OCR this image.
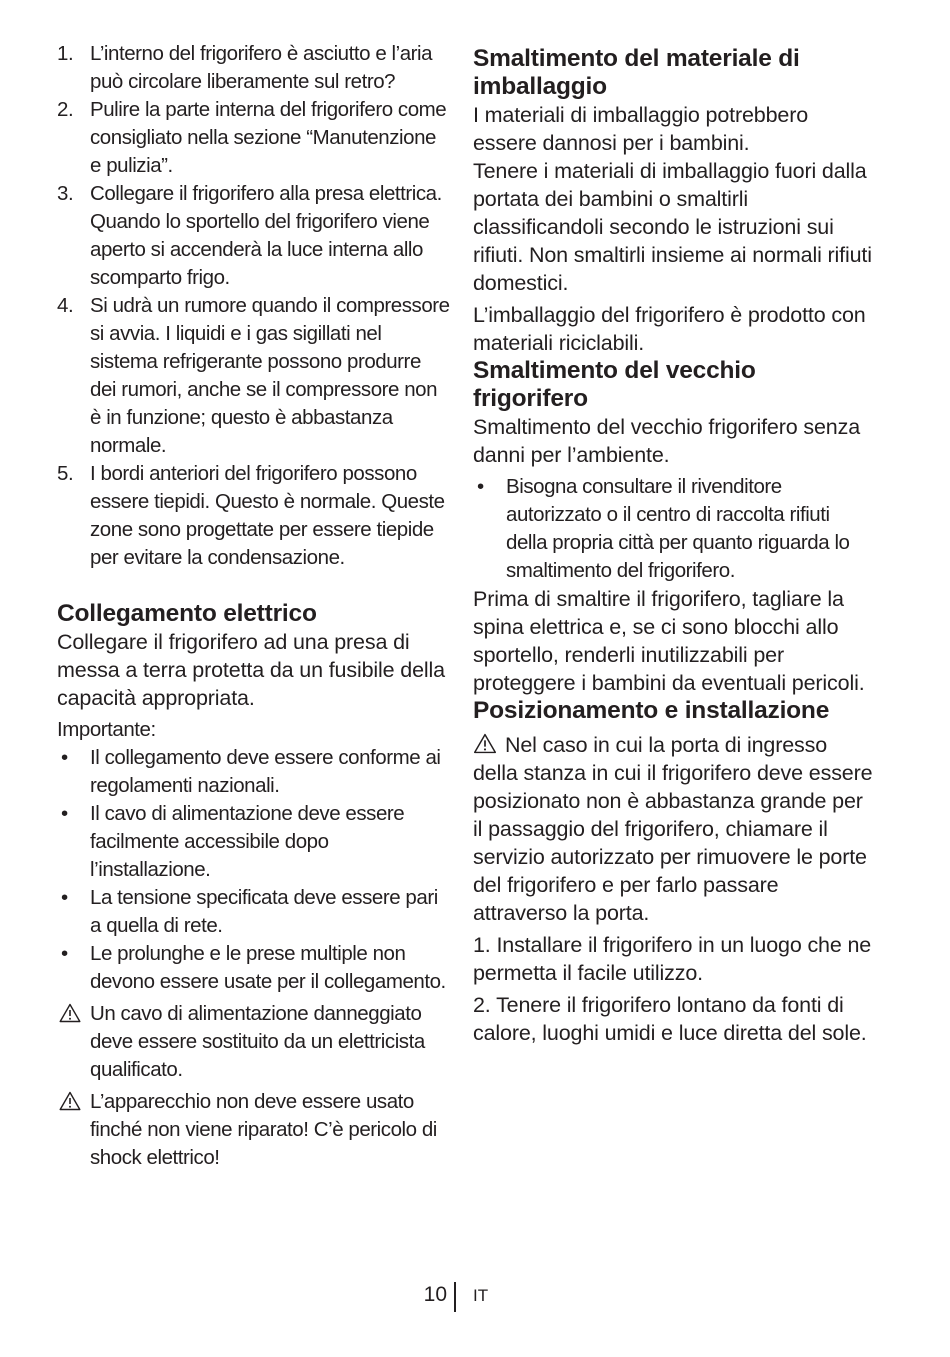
1. L’interno del frigorifero è asciutto e l’aria può circolare liberamente sul retro?
2. Pulire la parte interna del frigorifero come consigliato nella sezione “Manutenzione e pulizia”.
3. Collegare il frigorifero alla presa elettrica. Quando lo sportello del frigorifero viene aperto si accenderà la luce interna allo scomparto frigo.
4. Si udrà un rumore quando il compressore si avvia. I liquidi e i gas sigillati nel sistema refrigerante possono produrre dei rumori, anche se il compressore non è in funzione; questo è abbastanza normale.
5. I bordi anteriori del frigorifero possono essere tiepidi. Questo è normale. Queste zone sono progettate per essere tiepide per evitare la condensazione.
Collegamento elettrico

Collegare il frigorifero ad una presa di messa a terra protetta da un fusibile della capacità appropriata.

Importante:

• Il collegamento deve essere conforme ai regolamenti nazionali.
• Il cavo di alimentazione deve essere facilmente accessibile dopo l’installazione.
• La tensione specificata deve essere pari a quella di rete.
• Le prolunghe e le prese multiple non devono essere usate per il collegamento.
Un cavo di alimentazione danneggiato deve essere sostituito da un elettricista qualificato.
L’apparecchio non deve essere usato finché non viene riparato! C’è pericolo di shock elettrico!
Smaltimento del materiale di imballaggio

I materiali di imballaggio potrebbero essere dannosi per i bambini.

Tenere i materiali di imballaggio fuori dalla portata dei bambini o smaltirli classificandoli secondo le istruzioni sui rifiuti. Non smaltirli insieme ai normali rifiuti domestici.

L’imballaggio del frigorifero è prodotto con materiali riciclabili.

Smaltimento del vecchio frigorifero

Smaltimento del vecchio frigorifero senza danni per l’ambiente.

• Bisogna consultare il rivenditore autorizzato o il centro di raccolta rifiuti della propria città per quanto riguarda lo smaltimento del frigorifero.

Prima di smaltire il frigorifero, tagliare la spina elettrica e, se ci sono blocchi allo sportello, renderli inutilizzabili per proteggere i bambini da eventuali pericoli.

Posizionamento e installazione

Nel caso in cui la porta di ingresso della stanza in cui il frigorifero deve essere posizionato non è abbastanza grande per il passaggio del frigorifero, chiamare il servizio autorizzato per rimuovere le porte del frigorifero e per farlo passare attraverso la porta.

1. Installare il frigorifero in un luogo che ne permetta il facile utilizzo.

2. Tenere il frigorifero lontano da fonti di calore, luoghi umidi e luce diretta del sole.

10 IT
